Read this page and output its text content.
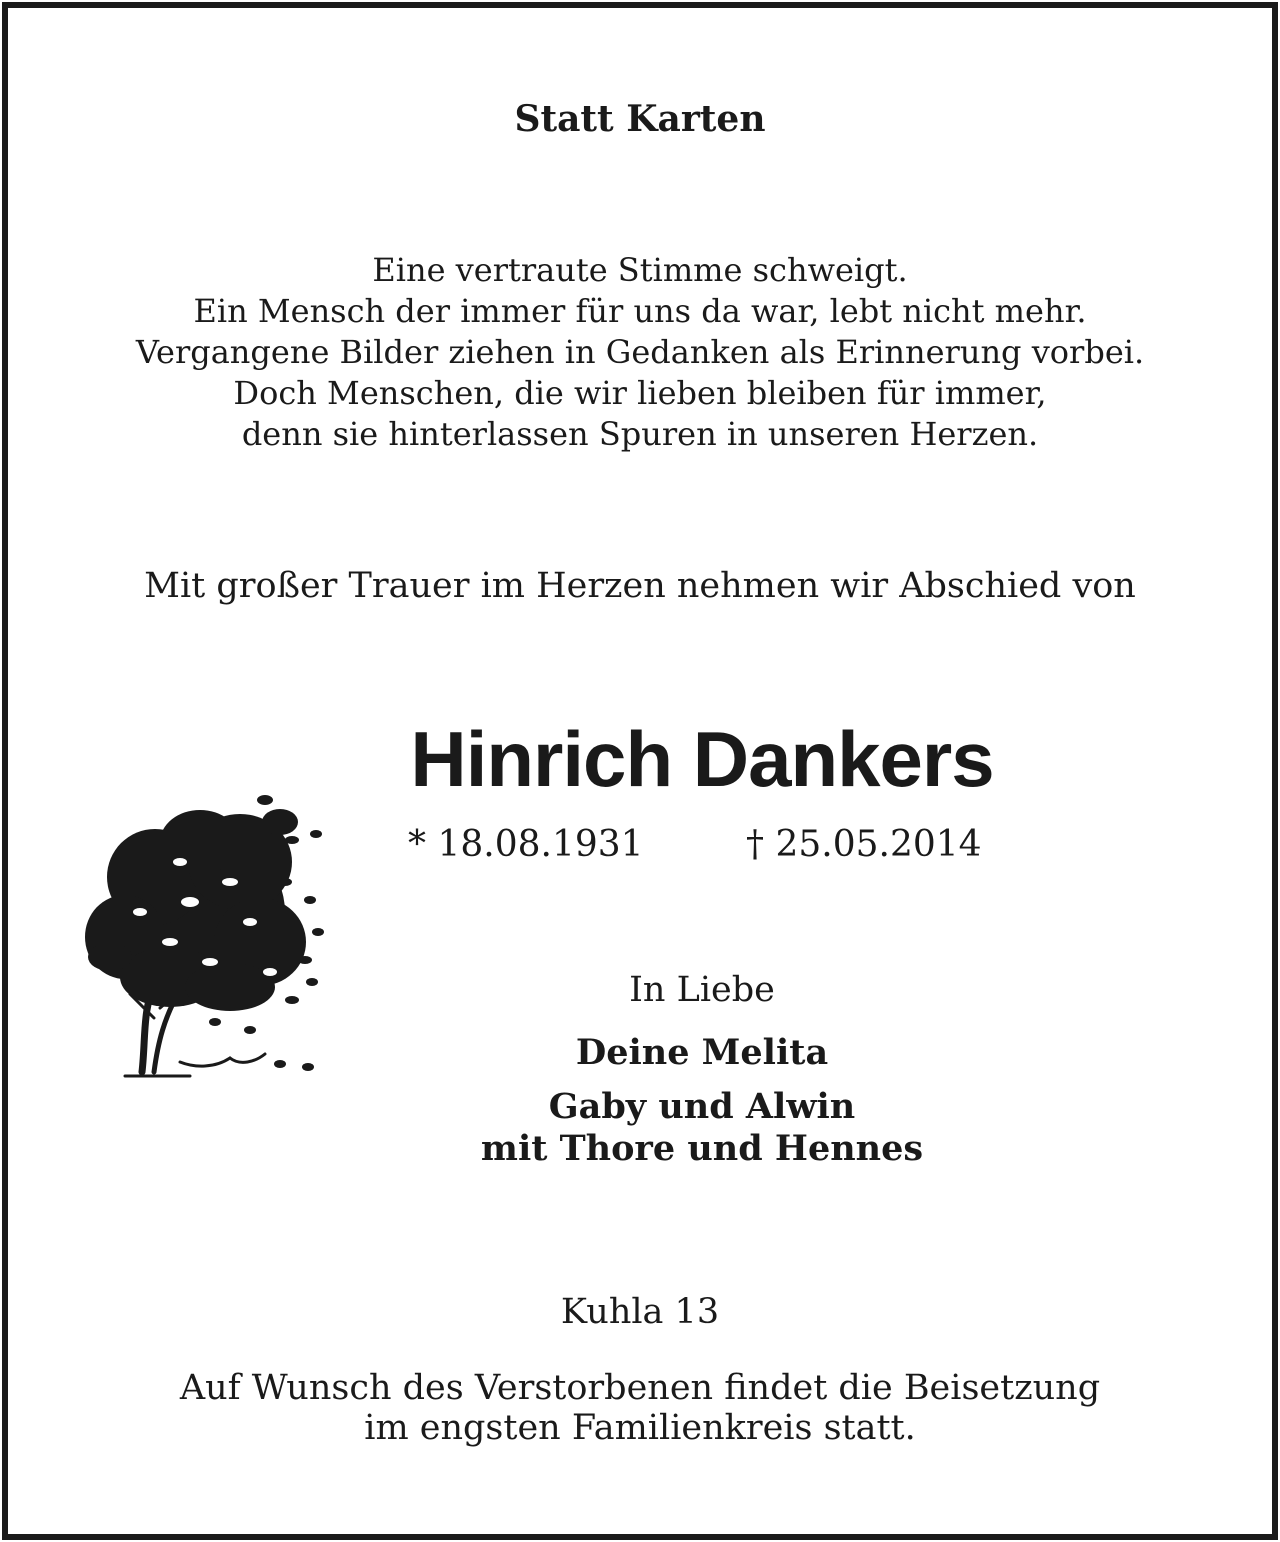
Statt Karten
Eine vertraute Stimme schweigt.
Ein Mensch der immer für uns da war, lebt nicht mehr.
Vergangene Bilder ziehen in Gedanken als Erinnerung vorbei.
Doch Menschen, die wir lieben bleiben für immer,
denn sie hinterlassen Spuren in unseren Herzen.
Mit großer Trauer im Herzen nehmen wir Abschied von
Hinrich Dankers
* 18.08.1931	† 25.05.2014
In Liebe
Deine Melita
Gaby und Alwin
mit Thore und Hennes
Kuhla 13
Auf Wunsch des Verstorbenen findet die Beisetzung
im engsten Familienkreis statt.
